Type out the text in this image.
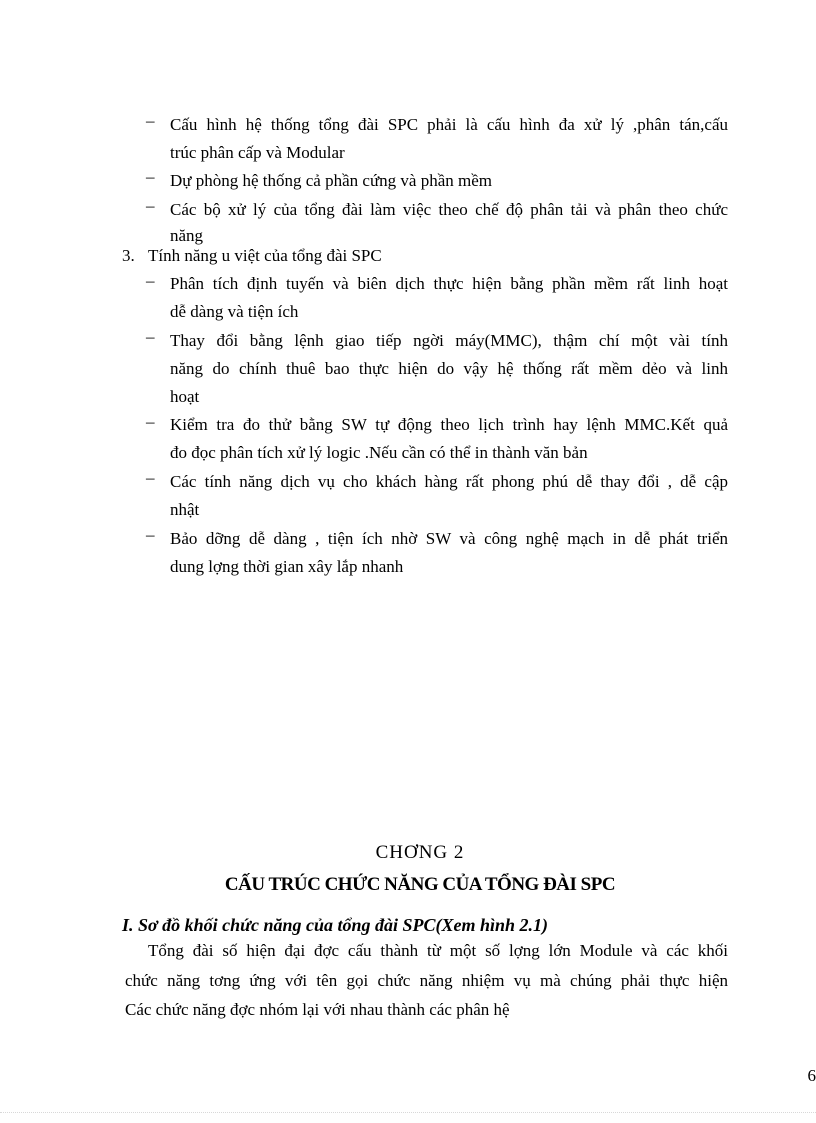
– Cấu hình hệ thống tổng đài SPC phải là cấu hình đa xử lý ,phân tán,cấu
trúc phân cấp và Modular
– Dự phòng hệ thống cả phần cứng và phần mềm
– Các bộ xử lý của tổng đài làm việc theo chế độ phân tải và phân theo chức
năng
3. Tính năng u việt của tổng đài SPC
– Phân tích định tuyến và biên dịch thực hiện bằng phần mềm rất linh hoạt
dễ dàng và tiện ích
– Thay đổi bằng lệnh giao tiếp ngời máy(MMC), thậm chí một vài tính
năng do chính thuê bao thực hiện do vậy hệ thống rất mềm dẻo và linh
hoạt
– Kiểm tra đo thử bằng SW tự động theo lịch trình hay lệnh MMC.Kết quả
đo đọc phân tích xử lý logic .Nếu cần có thể in thành văn bản
– Các tính năng dịch vụ cho khách hàng rất phong phú dễ thay đổi , dễ cập
nhật
– Bảo dỡng dễ dàng , tiện ích nhờ SW và công nghệ mạch in dễ phát triển
dung lợng thời gian xây lắp nhanh
CHƠNG 2
CẤU TRÚC CHỨC NĂNG CỦA TỔNG ĐÀI SPC
I. Sơ đồ khối chức năng của tổng đài SPC(Xem hình 2.1)
Tổng đài số hiện đại đợc cấu thành từ một số lợng lớn Module và các khối
chức năng tơng ứng với tên gọi chức năng nhiệm vụ mà chúng phải thực hiện
Các chức năng đợc nhóm lại với nhau thành các phân hệ
6
